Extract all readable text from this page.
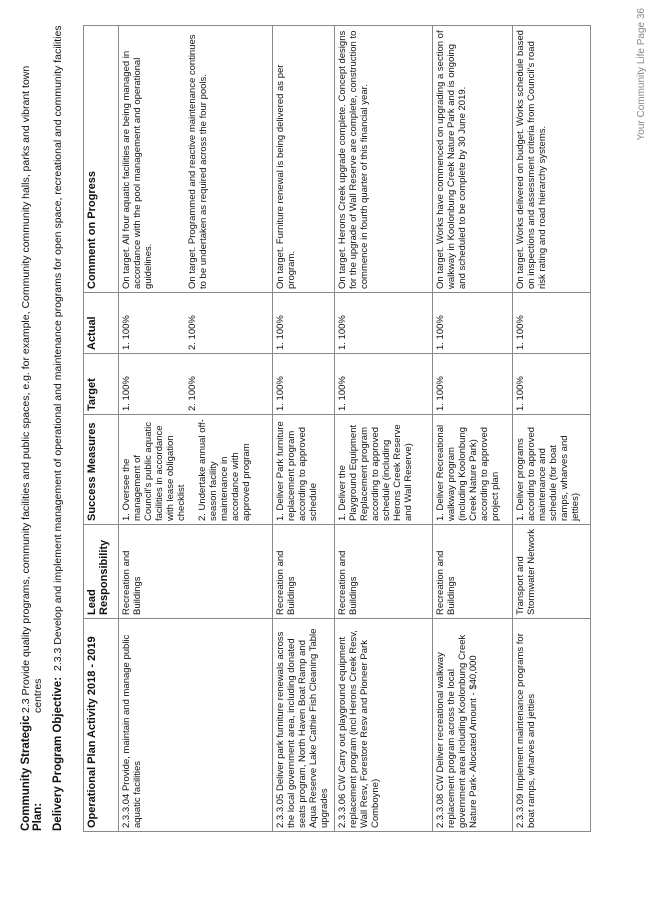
Community Strategic Plan:
2.3 Provide quality programs, community facilities and public spaces, e.g. for example, Community community halls, parks and vibrant town centres Delivery Program Objective:
2.3.3 Develop and implement management of operational and maintenance programs for open space, recreational and community facilities
Operational Plan Activity 2018 - 2019	Lead Responsibility	Success Measures	Target	Actual	Comment on Progress
2.3.3.04 Provide, maintain and manage public aquatic facilities	Recreation and Buildings	1. Oversee the management of Council's public aquatic facilities in accordance with lease obligation checklist 2. Undertake annual off-season facility maintenance in accordance with approved program	1. 100% 2. 100%	1. 100% 2. 100%	On target. All four aquatic facilities are being managed in accordance with the pool management and operational guidelines. On target. Programmed and reactive maintenance continues to be undertaken as required across the four pools.

2.3.3.05 Deliver park furniture renewals across the local government area, including donated seats program, North Haven Boat Ramp and Aqua Reserve Lake Cathie Fish Cleaning Table upgrades	Recreation and Buildings	1. Deliver Park furniture replacement program according to approved schedule	1. 100%	1. 100%	On target. Furniture renewal is being delivered as per program.
2.3.3.06 CW Carry out playground equipment replacement program (incl Herons Creek Resv, Wall Resv, Forestore Resv and Pioneer Park Comboyne)	Recreation and Buildings	1. Deliver the Playground Equipment Replacement program according to approved schedule (including Herons Creek Reserve and Wall Reserve)	1. 100%	1. 100%	On target. Herons Creek upgrade complete. Concept designs for the upgrade of Wall Reserve are complete, construction to commence in fourth quarter of this financial year.
2.3.3.08 CW Deliver recreational walkway replacement program across the local government area including Koolonbung Creek Nature Park- Allocated Amount - $40,000	Recreation and Buildings	1. Deliver Recreational walkway program (including Koolonbung Creek Nature Park) according to approved project plan	1. 100%	1. 100%	On target. Works have commenced on upgrading a section of walkway in Koolonbung Creek Nature Park and is ongoing and scheduled to be complete by 30 June 2019.
2.3.3.09 Implement maintenance programs for boat ramps, wharves and jetties	Transport and Stormwater Network	1. Deliver programs according to approved maintenance and schedule (for boat ramps, wharves and jetties)	1. 100%	1. 100%	On target. Works delivered on budget. Works schedule based on inspections and assessment criteria from Council's road risk rating and road hierarchy systems.
Your Community Life Page 36
